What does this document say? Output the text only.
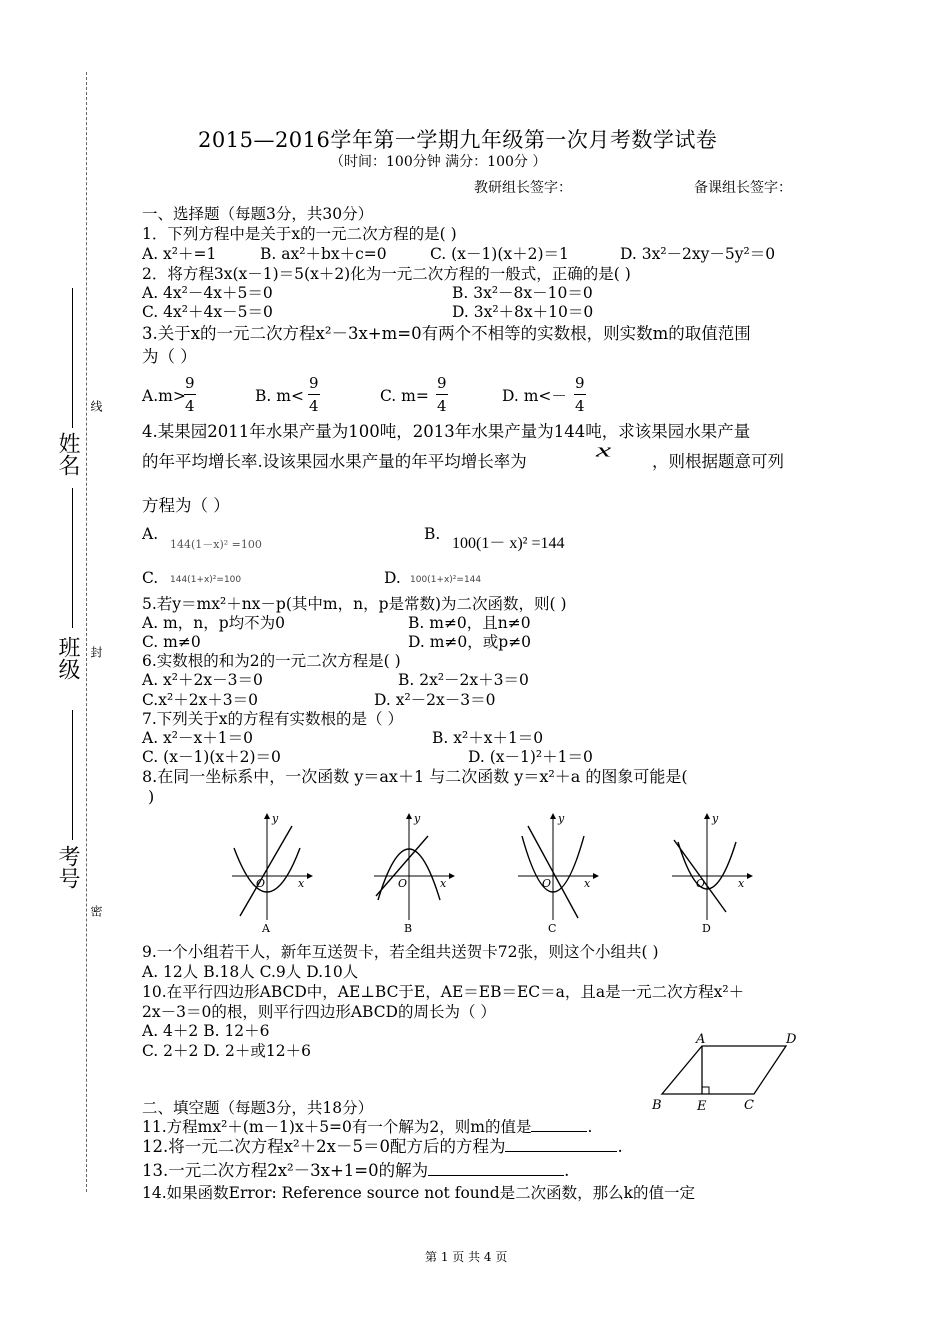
姓名
线
班级 封
考号
密
2015—2016学年第一学期九年级第一次月考数学试卷
（时间：100分钟 满分：100分 ）
教研组长签字：	备课组长签字：
一、选择题（每题3分，共30分）
1．下列方程中是关于x的一元二次方程的是( )
A. x²＋=1	B. ax²＋bx＋c=0	C. (x－1)(x＋2)＝1	D. 3x²－2xy－5y²＝0
2．将方程3x(x－1)＝5(x＋2)化为一元二次方程的一般式，正确的是( )
A. 4x²－4x＋5＝0	B. 3x²－8x－10＝0
C. 4x²＋4x－5＝0	D. 3x²＋8x＋10＝0
3.关于x的一元二次方程x²－3x+m=0有两个不相等的实数根，则实数m的取值范围
为（ ）
A.m>
$\frac{9}{4}$	B. $m< \frac{9}{4}$	C. $m= \frac{9}{4}$	D. $m<- \frac{9}{4}$
4.某果园2011年水果产量为100吨，2013年水果产量为144吨，求该果园水果产量
的年平均增长率.设该果园水果产量的年平均增长率为
x
，则根据题意可列
方程为（ ）
A.
144(1－x)² =100
B.
100(1－ x)² =144
C. 144(1+x)²=100	D. 100(1+x)²=144
5.若y＝mx²＋nx－p(其中m，n，p是常数)为二次函数，则( )
A. m，n，p均不为0	B. m≠0，且n≠0
C. m≠0	D. m≠0，或p≠0
6.实数根的和为2的一元二次方程是( )
A. x²＋2x－3＝0	B. 2x²－2x＋3＝0
C.x²＋2x＋3＝0	D. x²－2x－3＝0
7.下列关于x的方程有实数根的是（ ）
A. x²－x＋1＝0	B. x²＋x＋1＝0
C. (x－1)(x＋2)＝0	D. (x－1)²＋1＝0
8.在同一坐标系中，一次函数 y＝ax＋1 与二次函数 y＝x²＋a 的图象可能是(
)
y
x
O
A
y
x
O
B
y
x
O
C
y
x
O
D
9.一个小组若干人，新年互送贺卡，若全组共送贺卡72张，则这个小组共( )
A. 12人 B.18人 C.9人 D.10人
10.在平行四边形ABCD中，AE⊥BC于E，AE＝EB＝EC＝a，且a是一元二次方程x²＋
2x－3＝0的根，则平行四边形ABCD的周长为（ ）
A. 4＋2 B. 12＋6
C. 2＋2 D. 2＋或12＋6
A	D
B	E	C
二、填空题（每题3分，共18分）
11.方程mx²＋(m－1)x＋5=0有一个解为2，则m的值是	.
12.将一元二次方程x²＋2x－5＝0配方后的方程为	.
13.一元二次方程2x²－3x+1=0的解为	.
14.如果函数Error: Reference source not found是二次函数，那么k的值一定
第 1 页 共 4 页
